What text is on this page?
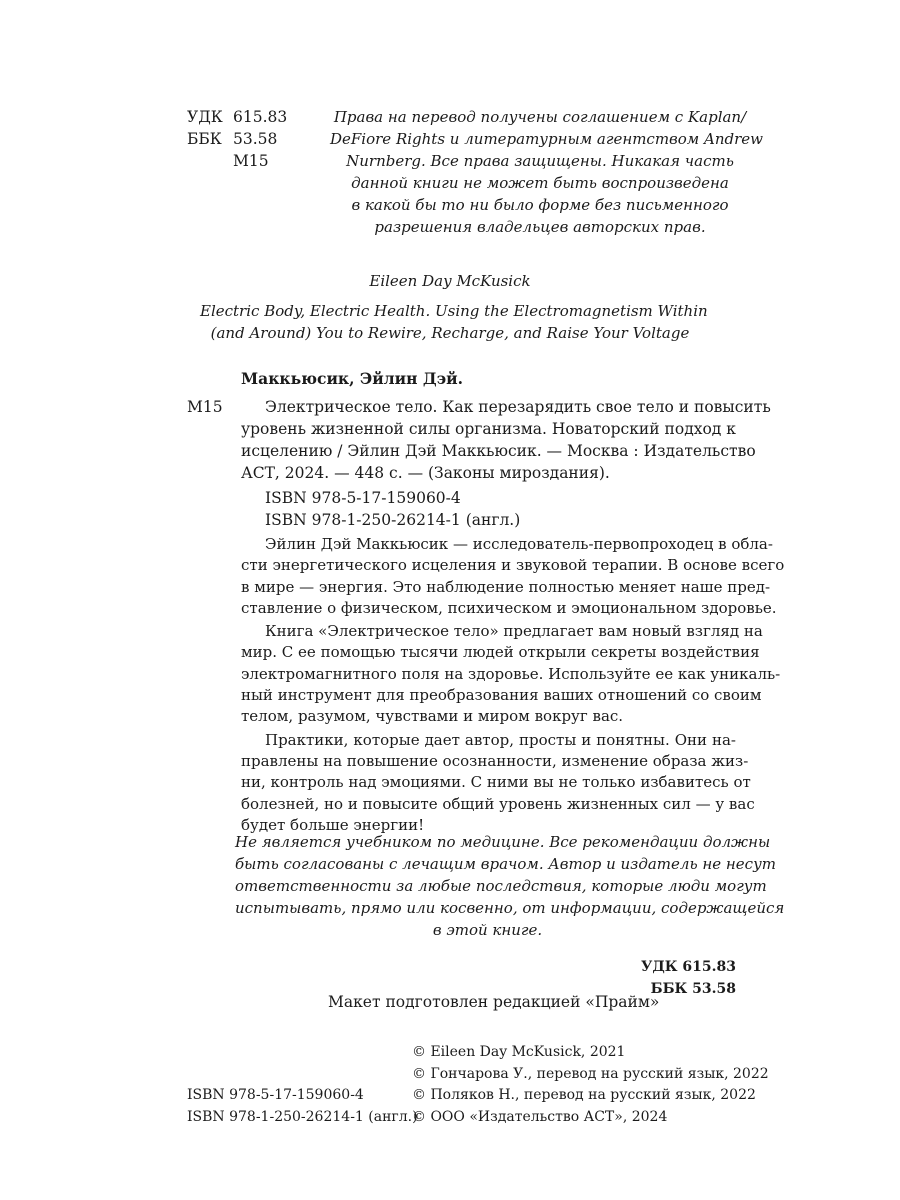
УДК 615.83
ББК 53.58
М15
Права на перевод получены соглашением с Kaplan/
DeFiore Rights и литературным агентством Andrew
Nurnberg. Все права защищены. Никакая часть
данной книги не может быть воспроизведена
в какой бы то ни было форме без письменного
разрешения владельцев авторских прав.
Eileen Day McKusick
Electric Body, Electric Health. Using the Electromagnetism Within
(and Around) You to Rewire, Recharge, and Raise Your Voltage
Маккьюсик, Эйлин Дэй.
М15	Электрическое тело. Как перезарядить свое тело и повысить
уровень жизненной силы организма. Новаторский подход к
исцелению / Эйлин Дэй Маккьюсик. — Москва : Издательство
АСТ, 2024. — 448 с. — (Законы мироздания).
ISBN 978-5-17-159060-4
ISBN 978-1-250-26214-1 (англ.)
Эйлин Дэй Маккьюсик — исследователь-первопроходец в обла-
сти энергетического исцеления и звуковой терапии. В основе всего
в мире — энергия. Это наблюдение полностью меняет наше пред-
ставление о физическом, психическом и эмоциональном здоровье.
Книга «Электрическое тело» предлагает вам новый взгляд на
мир. С ее помощью тысячи людей открыли секреты воздействия
электромагнитного поля на здоровье. Используйте ее как уникаль-
ный инструмент для преобразования ваших отношений со своим
телом, разумом, чувствами и миром вокруг вас.
Практики, которые дает автор, просты и понятны. Они на-
правлены на повышение осознанности, изменение образа жиз-
ни, контроль над эмоциями. С ними вы не только избавитесь от
болезней, но и повысите общий уровень жизненных сил — у вас
будет больше энергии!
Не является учебником по медицине. Все рекомендации должны
быть согласованы с лечащим врачом. Автор и издатель не несут
ответственности за любые последствия, которые люди могут
испытывать, прямо или косвенно, от информации, содержащейся
в этой книге.
УДК 615.83
ББК 53.58
Макет подготовлен редакцией «Прайм»
© Eileen Day McKusick, 2021
© Гончарова У., перевод на русский язык, 2022
© Поляков Н., перевод на русский язык, 2022
© ООО «Издательство АСТ», 2024
ISBN 978-5-17-159060-4
ISBN 978-1-250-26214-1 (англ.)
